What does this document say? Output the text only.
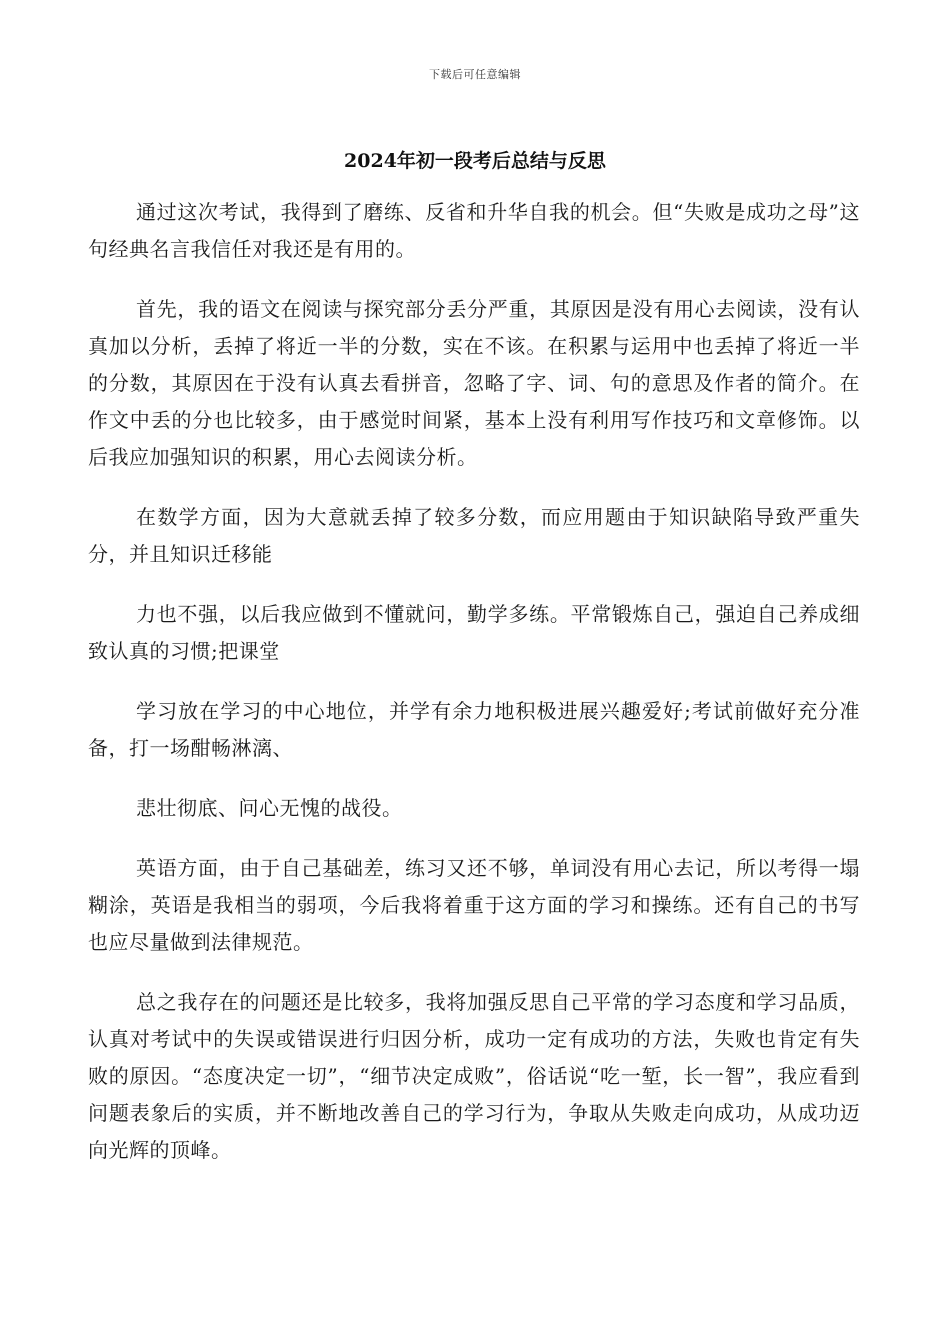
下载后可任意编辑
2024年初一段考后总结与反思

通过这次考试，我得到了磨练、反省和升华自我的机会。但“失败是成功之母”这句经典名言我信任对我还是有用的。

首先，我的语文在阅读与探究部分丢分严重，其原因是没有用心去阅读，没有认真加以分析，丢掉了将近一半的分数，实在不该。在积累与运用中也丢掉了将近一半的分数，其原因在于没有认真去看拼音，忽略了字、词、句的意思及作者的简介。在作文中丢的分也比较多，由于感觉时间紧，基本上没有利用写作技巧和文章修饰。以后我应加强知识的积累，用心去阅读分析。

在数学方面，因为大意就丢掉了较多分数，而应用题由于知识缺陷导致严重失分，并且知识迁移能

力也不强，以后我应做到不懂就问，勤学多练。平常锻炼自己，强迫自己养成细致认真的习惯;把课堂

学习放在学习的中心地位，并学有余力地积极进展兴趣爱好;考试前做好充分准备，打一场酣畅淋漓、

悲壮彻底、问心无愧的战役。

英语方面，由于自己基础差，练习又还不够，单词没有用心去记，所以考得一塌糊涂，英语是我相当的弱项，今后我将着重于这方面的学习和操练。还有自己的书写也应尽量做到法律规范。

总之我存在的问题还是比较多，我将加强反思自己平常的学习态度和学习品质，认真对考试中的失误或错误进行归因分析，成功一定有成功的方法，失败也肯定有失败的原因。“态度决定一切”，“细节决定成败”，俗话说“吃一堑，长一智”，我应看到问题表象后的实质，并不断地改善自己的学习行为，争取从失败走向成功，从成功迈向光辉的顶峰。
